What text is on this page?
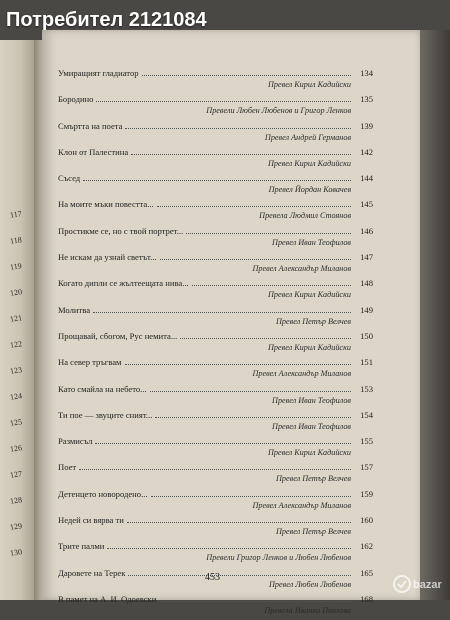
Потребител 2121084
117
118
119
120
121
122
123
124
125
126
127
128
129
130
Умиращият гладиатор	134
Превел Кирил Кадийски
Бородино	135
Превели Любен Любенов и Григор Ленков
Смъртта на поета	139
Превел Андрей Германов
Клон от Палестина	142
Превел Кирил Кадийски
Съсед	144
Превел Йордан Ковачев
На моите мъки повестта...	145
Превела Людмил Стоянов
Простикме се, но с твой портрет...	146
Превел Иван Теофилов
Не искам да узнай светът...	147
Превел Александър Миланов
Когато дипли се жълтеещата нива...	148
Превел Кирил Кадийски
Молитва	149
Превел Петър Велчев
Прощавай, сбогом, Рус немита...	150
Превел Кирил Кадийски
На север тръгвам	151
Превел Александър Миланов
Като смайла на небето...	153
Превел Иван Теофилов
Ти пое — звуците сният...	154
Превел Иван Теофилов
Размисъл	155
Превел Кирил Кадийски
Поет	157
Превел Петър Велчев
Детенцето новородено...	159
Превел Александър Миланов
Недей си вярва ти	160
Превел Петър Велчев
Трите палми	162
Превели Григор Ленков и Любен Любенов
Даровете на Терек	165
Превел Любен Любенов
В памет на А. И. Одоевски	168
Превела Иванка Павлова
453
bazar
